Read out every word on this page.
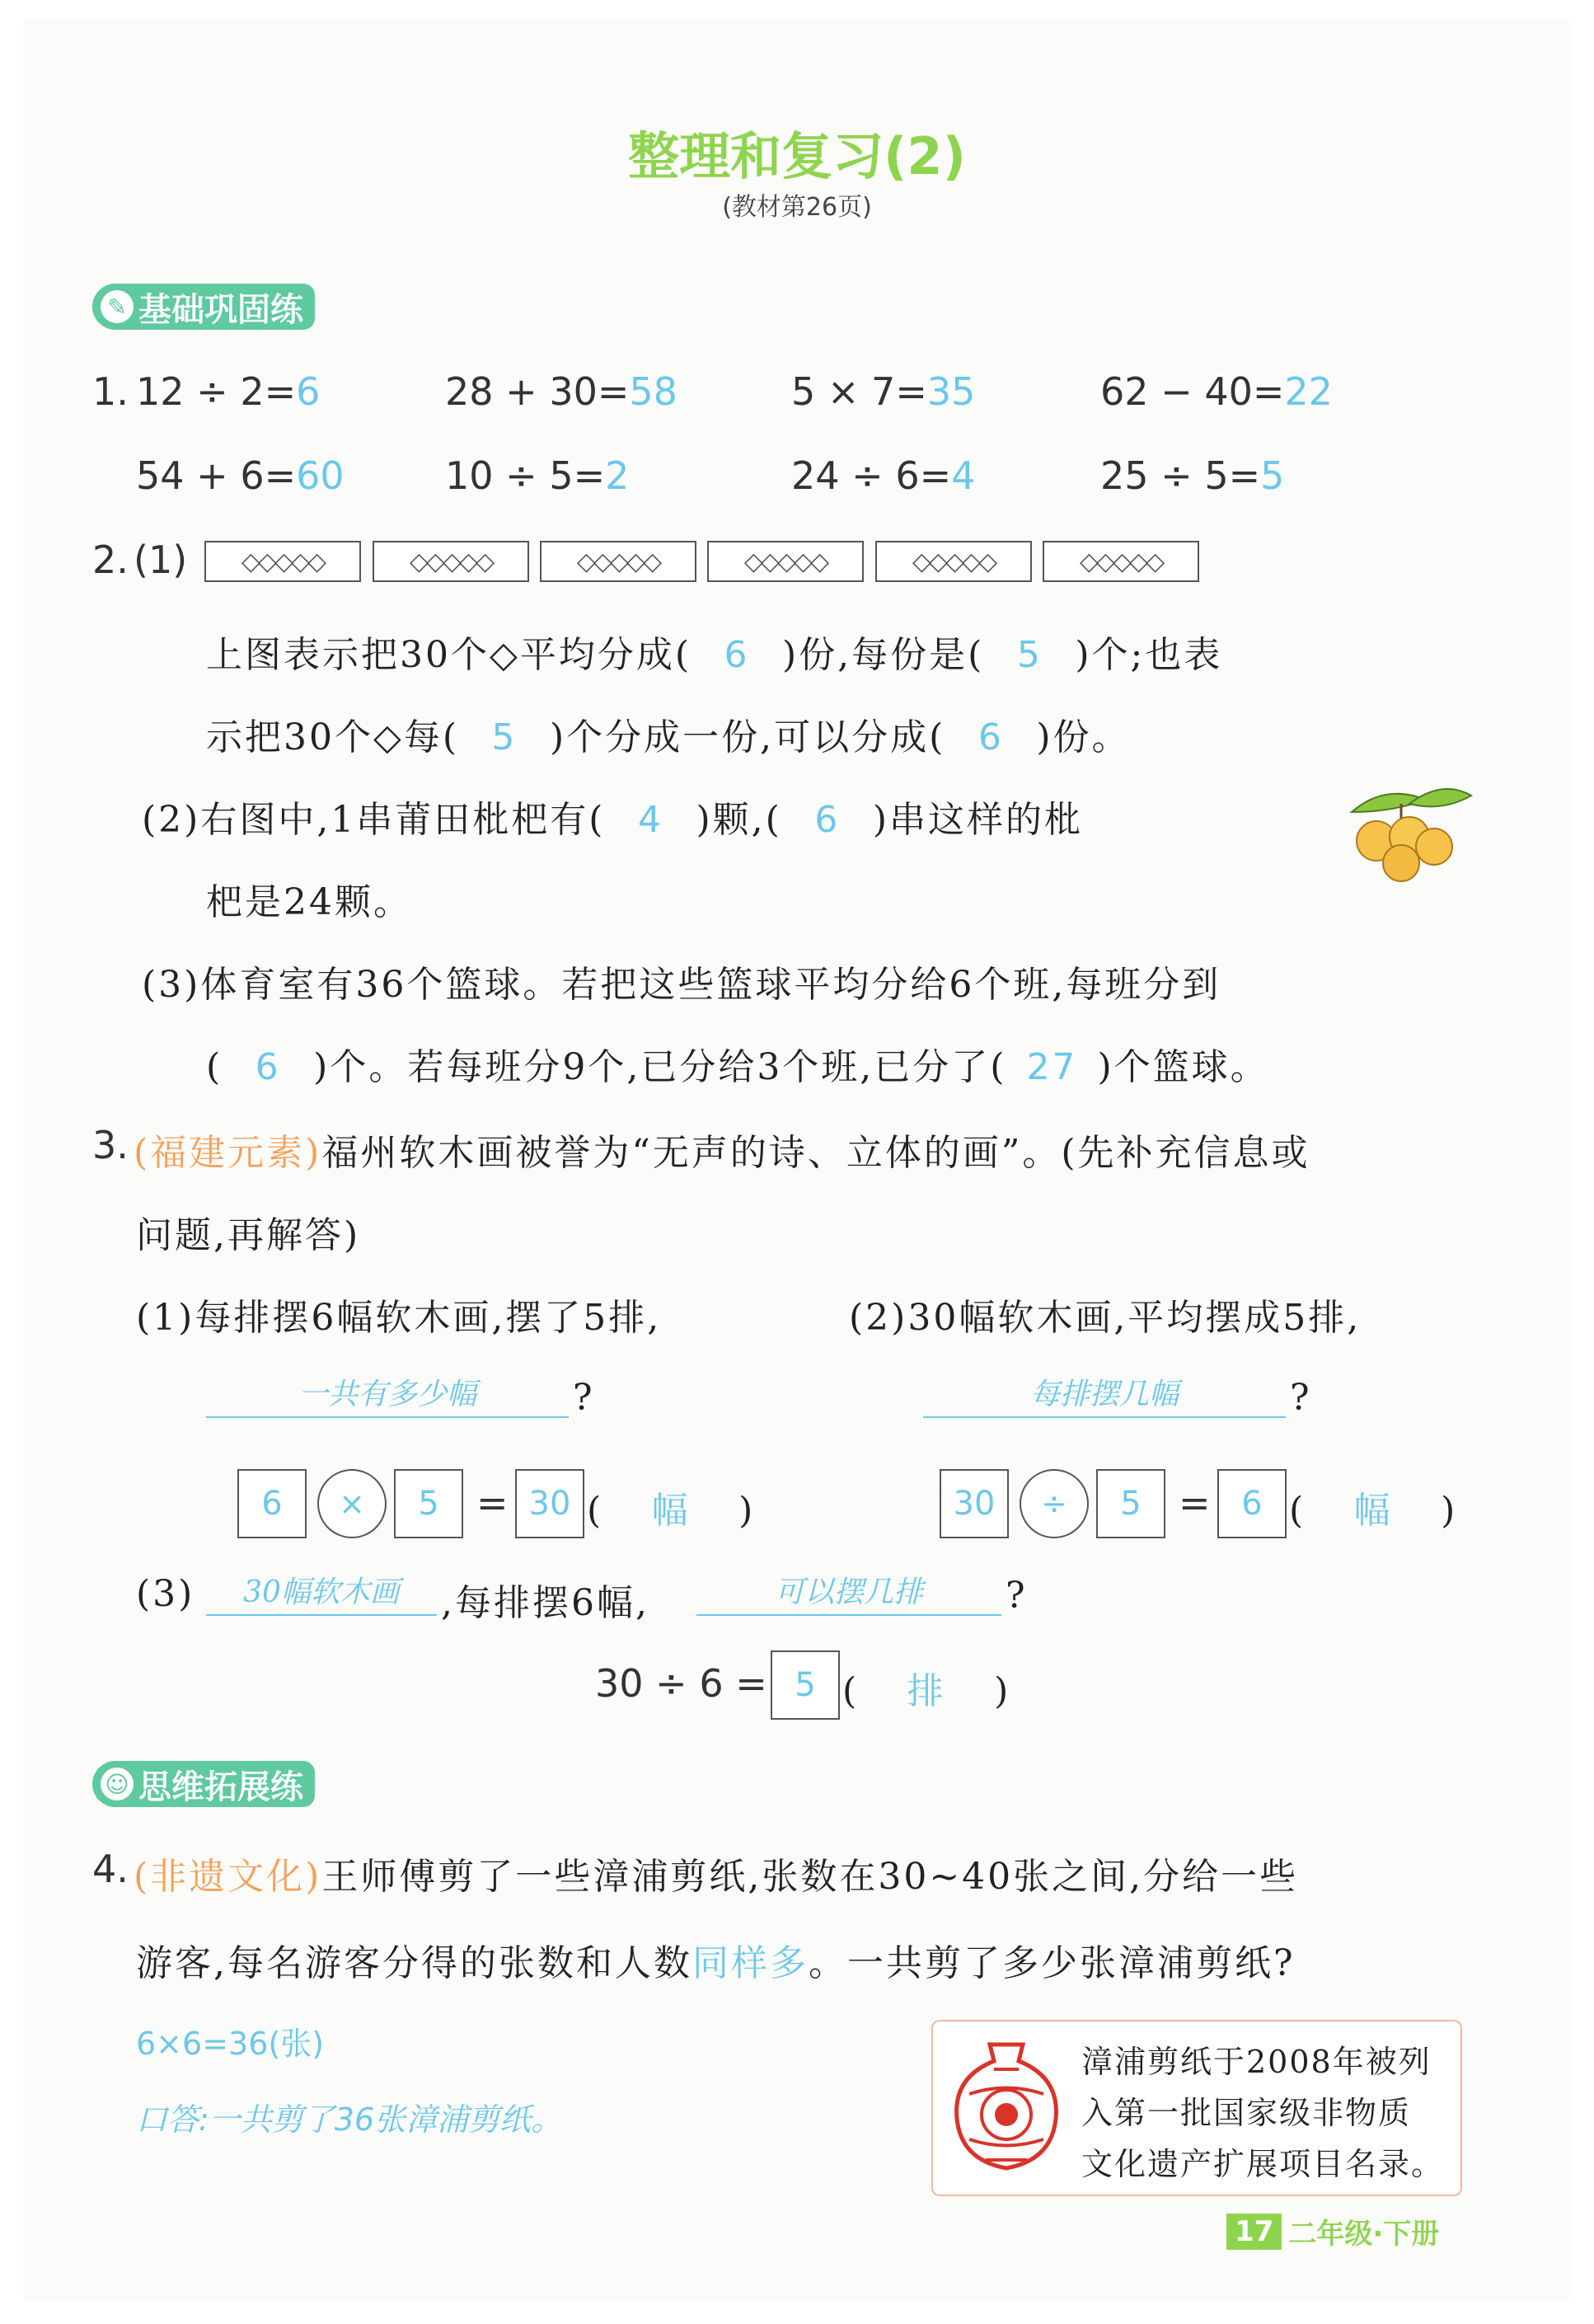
整理和复习(2)
(教材第26页)
✎ 基础巩固练
1. 12 ÷ 2=6	28 + 30=58	5 × 7=35	62 − 40=22
54 + 6=60	10 ÷ 5=2	24 ÷ 6=4	25 ÷ 5=5
2. (1)	◇◇◇◇◇	◇◇◇◇◇	◇◇◇◇◇	◇◇◇◇◇	◇◇◇◇◇	◇◇◇◇◇
上图表示把30个◇平均分成( 6 )份,每份是( 5 )个;也表
示把30个◇每( 5 )个分成一份,可以分成( 6 )份。
(2)右图中,1串莆田枇杷有( 4 )颗,( 6 )串这样的枇
杷是24颗。
(3)体育室有36个篮球。若把这些篮球平均分给6个班,每班分到
( 6 )个。若每班分9个,已分给3个班,已分了( 27 )个篮球。
3. (福建元素)福州软木画被誉为“无声的诗、立体的画”。(先补充信息或
问题,再解答)
(1)每排摆6幅软木画,摆了5排,	(2)30幅软木画,平均摆成5排,
一共有多少幅	?	每排摆几幅	?
6	×	5 = 30 ( 幅 )	30	÷	5 = 6 ( 幅 )
(3)	30幅软木画	,每排摆6幅,	可以摆几排	?
30 ÷ 6 = 5 ( 排 )
☺ 思维拓展练
4. (非遗文化)王师傅剪了一些漳浦剪纸,张数在30~40张之间,分给一些
游客,每名游客分得的张数和人数同样多。一共剪了多少张漳浦剪纸?
6×6=36(张)
口答:一共剪了36张漳浦剪纸。
漳浦剪纸于2008年被列
入第一批国家级非物质
文化遗产扩展项目名录。
17 二年级·下册
